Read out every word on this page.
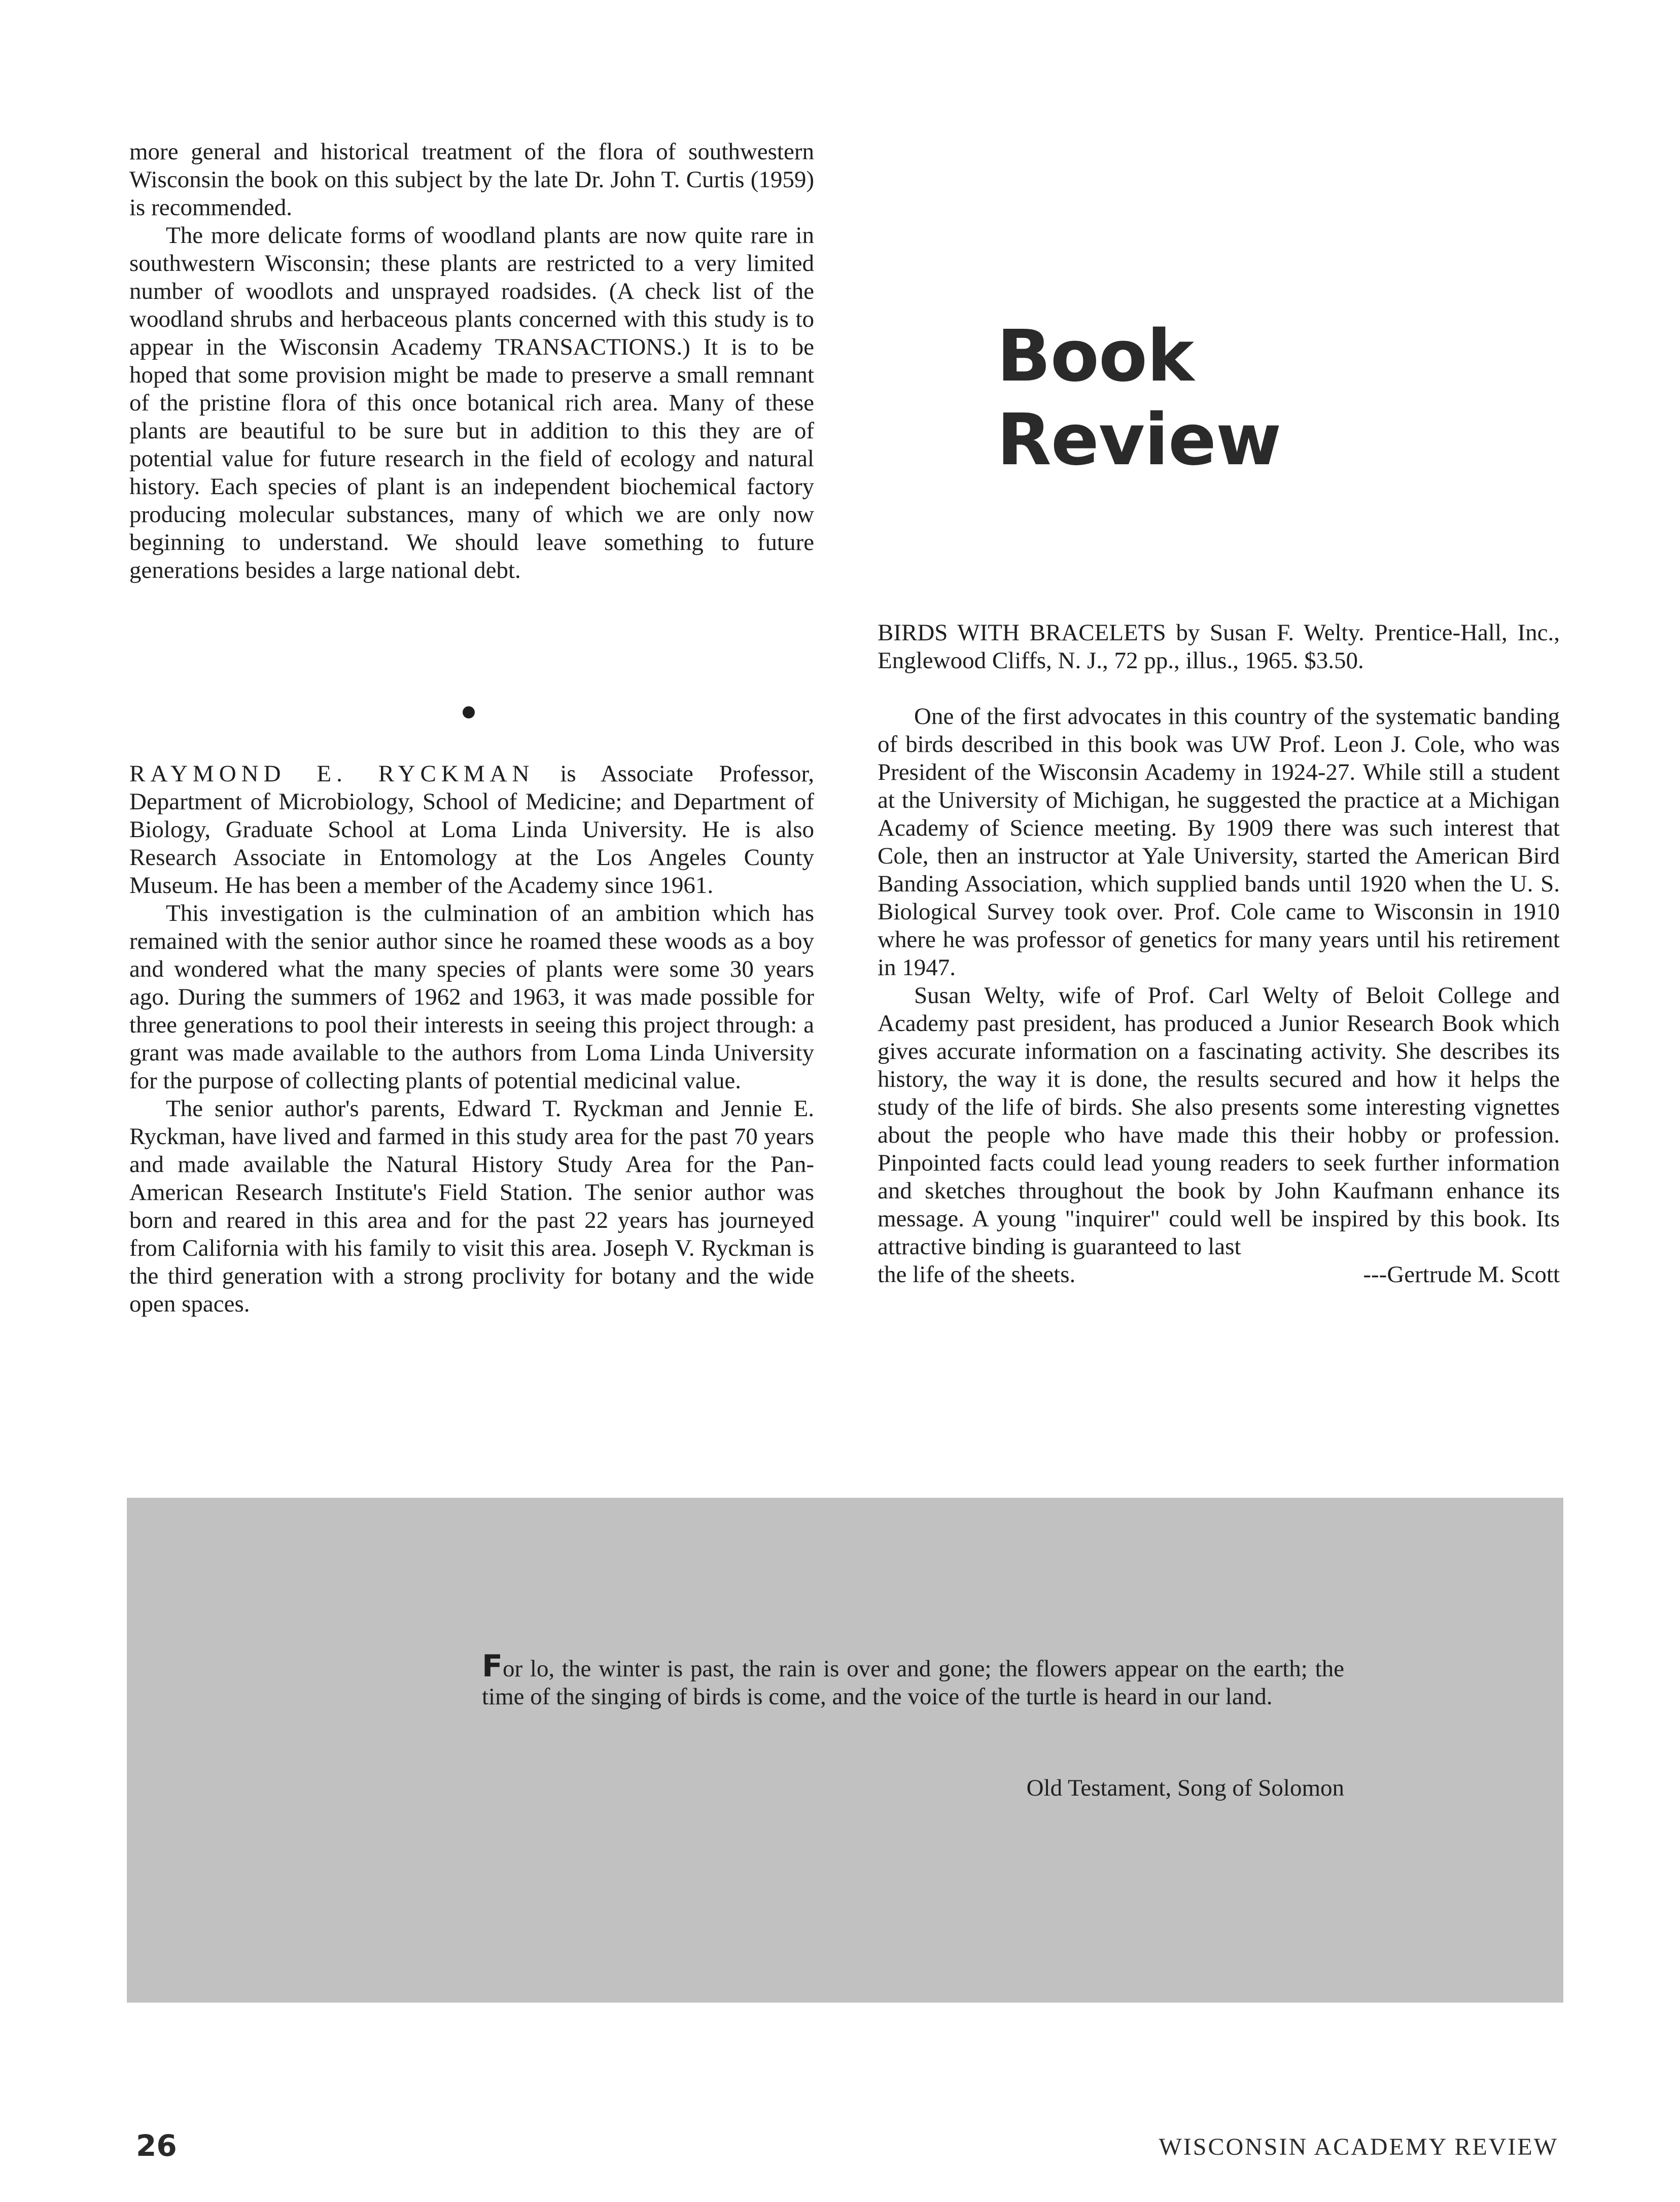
more general and historical treatment of the flora of southwestern Wisconsin the book on this subject by the late Dr. John T. Curtis (1959) is recommended.

The more delicate forms of woodland plants are now quite rare in southwestern Wisconsin; these plants are restricted to a very limited number of woodlots and unsprayed roadsides. (A check list of the woodland shrubs and herbaceous plants concerned with this study is to appear in the Wisconsin Academy TRANSACTIONS.) It is to be hoped that some provision might be made to preserve a small remnant of the pristine flora of this once botanical rich area. Many of these plants are beautiful to be sure but in addition to this they are of potential value for future research in the field of ecology and natural history. Each species of plant is an independent biochemical factory producing molecular substances, many of which we are only now beginning to understand. We should leave something to future generations besides a large national debt.

RAYMOND E. RYCKMAN is Associate Professor, Department of Microbiology, School of Medicine; and Department of Biology, Graduate School at Loma Linda University. He is also Research Associate in Entomology at the Los Angeles County Museum. He has been a member of the Academy since 1961.

This investigation is the culmination of an ambition which has remained with the senior author since he roamed these woods as a boy and wondered what the many species of plants were some 30 years ago. During the summers of 1962 and 1963, it was made possible for three generations to pool their interests in seeing this project through: a grant was made available to the authors from Loma Linda University for the purpose of collecting plants of potential medicinal value.

The senior author's parents, Edward T. Ryckman and Jennie E. Ryckman, have lived and farmed in this study area for the past 70 years and made available the Natural History Study Area for the Pan-American Research Institute's Field Station. The senior author was born and reared in this area and for the past 22 years has journeyed from California with his family to visit this area. Joseph V. Ryckman is the third generation with a strong proclivity for botany and the wide open spaces.

Book
Review

BIRDS WITH BRACELETS by Susan F. Welty. Prentice-Hall, Inc., Englewood Cliffs, N. J., 72 pp., illus., 1965. $3.50.

One of the first advocates in this country of the systematic banding of birds described in this book was UW Prof. Leon J. Cole, who was President of the Wisconsin Academy in 1924-27. While still a student at the University of Michigan, he suggested the practice at a Michigan Academy of Science meeting. By 1909 there was such interest that Cole, then an instructor at Yale University, started the American Bird Banding Association, which supplied bands until 1920 when the U. S. Biological Survey took over. Prof. Cole came to Wisconsin in 1910 where he was professor of genetics for many years until his retirement in 1947.

Susan Welty, wife of Prof. Carl Welty of Beloit College and Academy past president, has produced a Junior Research Book which gives accurate information on a fascinating activity. She describes its history, the way it is done, the results secured and how it helps the study of the life of birds. She also presents some interesting vignettes about the people who have made this their hobby or profession. Pinpointed facts could lead young readers to seek further information and sketches throughout the book by John Kaufmann enhance its message. A young "inquirer" could well be inspired by this book. Its attractive binding is guaranteed to last

the life of the sheets.	---Gertrude M. Scott
For lo, the winter is past, the rain is over and gone; the flowers appear on the earth; the time of the singing of birds is come, and the voice of the turtle is heard in our land.
Old Testament, Song of Solomon
26	WISCONSIN ACADEMY REVIEW
